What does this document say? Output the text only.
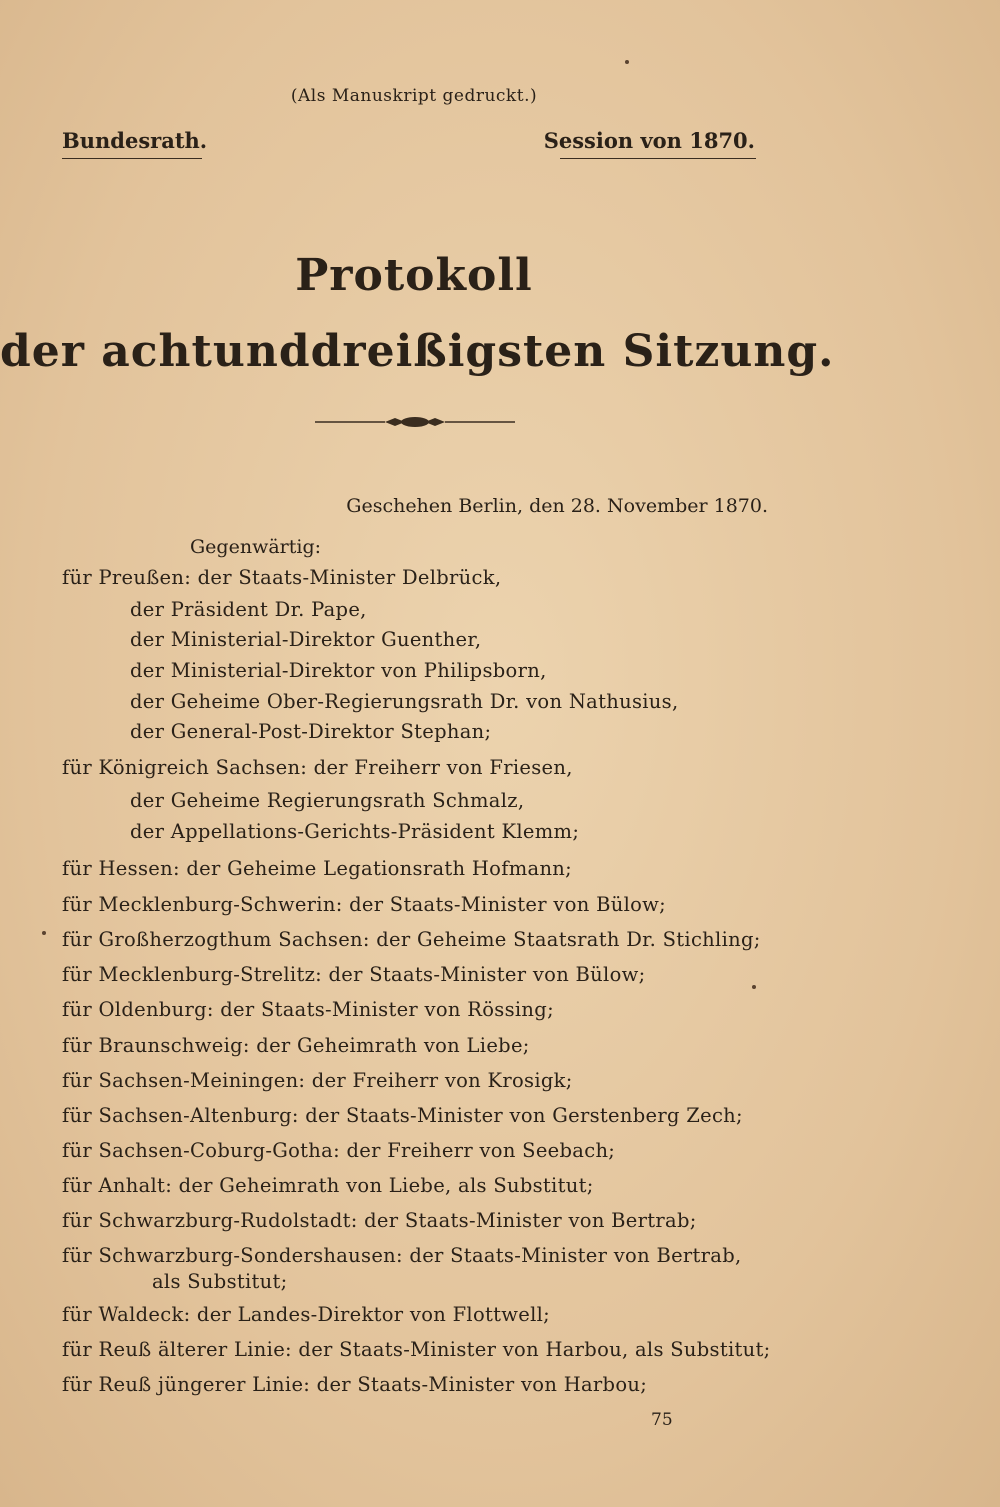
(Als Manuskript gedruckt.)
Bundesrath.	Session von 1870.
Protokoll
der achtunddreißigsten Sitzung.
Geschehen Berlin, den 28. November 1870.
Gegenwärtig:
für Preußen: der Staats-Minister Delbrück,
der Präsident Dr. Pape,
der Ministerial-Direktor Guenther,
der Ministerial-Direktor von Philipsborn,
der Geheime Ober-Regierungsrath Dr. von Nathusius,
der General-Post-Direktor Stephan;
für Königreich Sachsen: der Freiherr von Friesen,
der Geheime Regierungsrath Schmalz,
der Appellations-Gerichts-Präsident Klemm;
für Hessen: der Geheime Legationsrath Hofmann;
für Mecklenburg-Schwerin: der Staats-Minister von Bülow;
für Großherzogthum Sachsen: der Geheime Staatsrath Dr. Stichling;
für Mecklenburg-Strelitz: der Staats-Minister von Bülow;
für Oldenburg: der Staats-Minister von Rössing;
für Braunschweig: der Geheimrath von Liebe;
für Sachsen-Meiningen: der Freiherr von Krosigk;
für Sachsen-Altenburg: der Staats-Minister von Gerstenberg Zech;
für Sachsen-Coburg-Gotha: der Freiherr von Seebach;
für Anhalt: der Geheimrath von Liebe, als Substitut;
für Schwarzburg-Rudolstadt: der Staats-Minister von Bertrab;
für Schwarzburg-Sondershausen: der Staats-Minister von Bertrab,
als Substitut;
für Waldeck: der Landes-Direktor von Flottwell;
für Reuß älterer Linie: der Staats-Minister von Harbou, als Substitut;
für Reuß jüngerer Linie: der Staats-Minister von Harbou;
75
